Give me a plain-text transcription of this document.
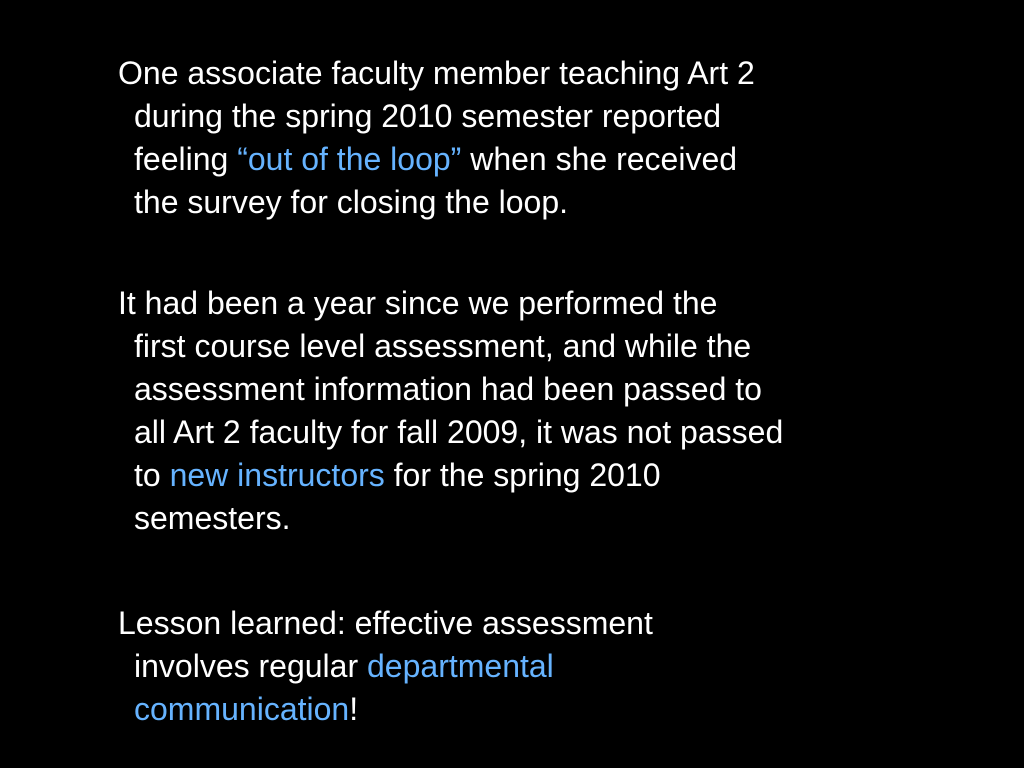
One associate faculty member teaching Art 2
during the spring 2010 semester reported
feeling “out of the loop” when she received
the survey for closing the loop.

It had been a year since we performed the
first course level assessment, and while the
assessment information had been passed to
all Art 2 faculty for fall 2009, it was not passed
to new instructors for the spring 2010
semesters.

Lesson learned: effective assessment
involves regular departmental
communication!
